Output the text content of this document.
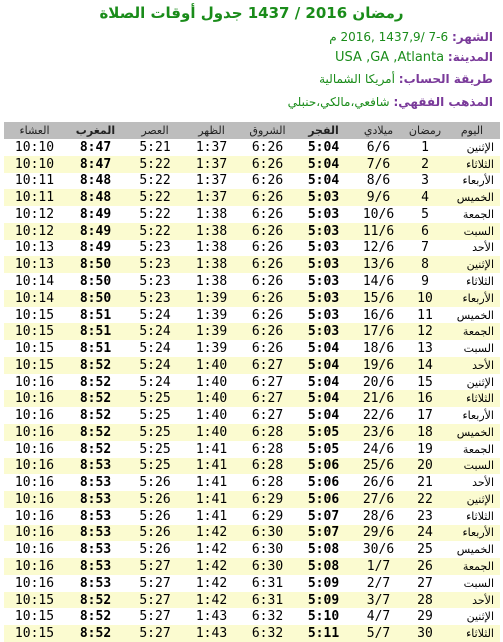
رمضان 2016 / 1437 جدول أوقات الصلاة
الشهر: 6-7 /1437,9 ,2016 م
المدينة: USA ,GA ,Atlanta
طريقة الحساب: أمريكا الشمالية
المذهب الفقهي: شافعي،مالكي،حنبلي
العشاء	المغرب	العصر	الظهر	الشروق	الفجر	ميلادي	رمضان	اليوم
10:10	8:47	5:21	1:37	6:26	5:04	6/6	1	الإثنين
10:10	8:47	5:22	1:37	6:26	5:04	7/6	2	الثلاثاء
10:11	8:48	5:22	1:37	6:26	5:04	8/6	3	الأربعاء
10:11	8:48	5:22	1:37	6:26	5:03	9/6	4	الخميس
10:12	8:49	5:22	1:38	6:26	5:03	10/6	5	الجمعة
10:12	8:49	5:22	1:38	6:26	5:03	11/6	6	السبت
10:13	8:49	5:23	1:38	6:26	5:03	12/6	7	الأحد
10:13	8:50	5:23	1:38	6:26	5:03	13/6	8	الإثنين
10:14	8:50	5:23	1:38	6:26	5:03	14/6	9	الثلاثاء
10:14	8:50	5:23	1:39	6:26	5:03	15/6	10	الأربعاء
10:15	8:51	5:24	1:39	6:26	5:03	16/6	11	الخميس
10:15	8:51	5:24	1:39	6:26	5:03	17/6	12	الجمعة
10:15	8:51	5:24	1:39	6:26	5:04	18/6	13	السبت
10:15	8:52	5:24	1:40	6:27	5:04	19/6	14	الأحد
10:16	8:52	5:24	1:40	6:27	5:04	20/6	15	الإثنين
10:16	8:52	5:25	1:40	6:27	5:04	21/6	16	الثلاثاء
10:16	8:52	5:25	1:40	6:27	5:04	22/6	17	الأربعاء
10:16	8:52	5:25	1:40	6:28	5:05	23/6	18	الخميس
10:16	8:52	5:25	1:41	6:28	5:05	24/6	19	الجمعة
10:16	8:53	5:25	1:41	6:28	5:06	25/6	20	السبت
10:16	8:53	5:26	1:41	6:28	5:06	26/6	21	الأحد
10:16	8:53	5:26	1:41	6:29	5:06	27/6	22	الإثنين
10:16	8:53	5:26	1:41	6:29	5:07	28/6	23	الثلاثاء
10:16	8:53	5:26	1:42	6:30	5:07	29/6	24	الأربعاء
10:16	8:53	5:26	1:42	6:30	5:08	30/6	25	الخميس
10:16	8:53	5:27	1:42	6:30	5:08	1/7	26	الجمعة
10:16	8:53	5:27	1:42	6:31	5:09	2/7	27	السبت
10:15	8:52	5:27	1:42	6:31	5:09	3/7	28	الأحد
10:15	8:52	5:27	1:43	6:32	5:10	4/7	29	الإثنين
10:15	8:52	5:27	1:43	6:32	5:11	5/7	30	الثلاثاء
